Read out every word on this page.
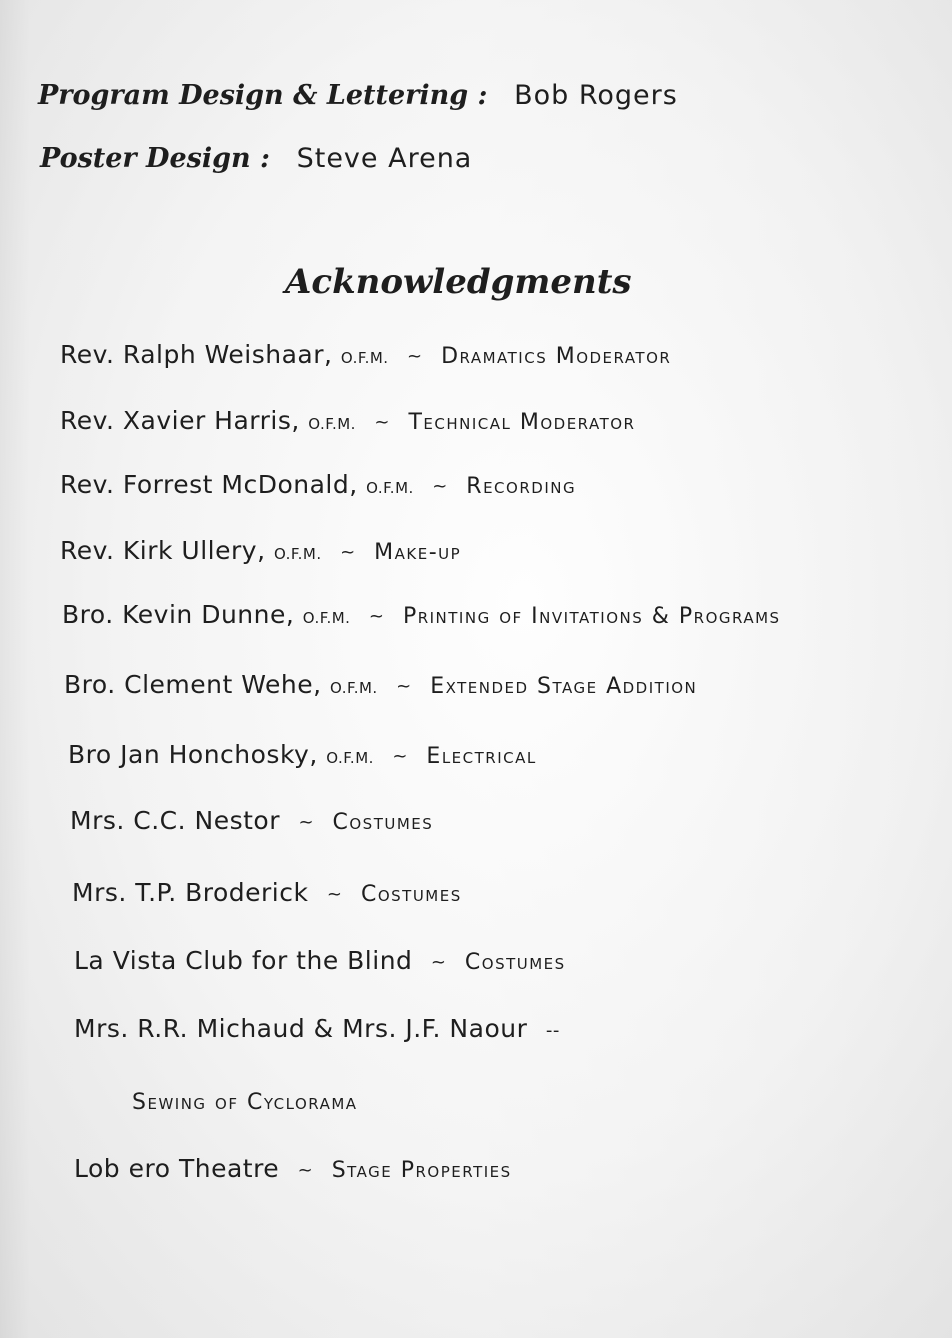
Program Design & Lettering : Bob Rogers
Poster Design : Steve Arena
Acknowledgments
Rev. Ralph Weishaar, O.F.M. ~ Dramatics Moderator
Rev. Xavier Harris, O.F.M. ~ Technical Moderator
Rev. Forrest McDonald, O.F.M. ~ Recording
Rev. Kirk Ullery, O.F.M. ~ Make-up
Bro. Kevin Dunne, O.F.M. ~ Printing of Invitations & Programs
Bro. Clement Wehe, O.F.M. ~ Extended Stage Addition
Bro Jan Honchosky, O.F.M. ~ Electrical
Mrs. C.C. Nestor ~ Costumes
Mrs. T.P. Broderick ~ Costumes
La Vista Club for the Blind ~ Costumes
Mrs. R.R. Michaud & Mrs. J.F. Naour --
Sewing of Cyclorama
Lob ero Theatre ~ Stage Properties
